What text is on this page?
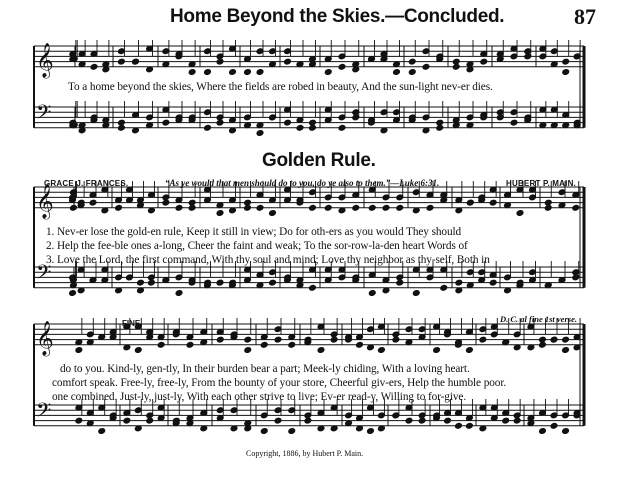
𝄞
𝄢
𝄞
𝄢
𝄞
𝄢
Home Beyond the Skies.—Concluded.	87
To a home beyond the skies, Where the fields are robed in beauty, And the sun-light nev-er dies.
Golden Rule.
GRACE J. FRANCES.	“As ye would that men should do to you, do ye also to them.”—Luke 6:31.	HUBERT P. MAIN.
1. Nev-er lose the gold-en rule, Keep it still in view; Do for oth-ers as you would They should
2. Help the fee-ble ones a-long, Cheer the faint and weak; To the sor-row-la-den heart Words of
3. Love the Lord, the first command, With thy soul and mind; Love thy neighbor as thy-self, Both in
FINE.	D. C. al fine 1st verse.
do to you. Kind-ly, gen-tly, In their burden bear a part; Meek-ly chiding, With a loving heart.
comfort speak. Free-ly, free-ly, From the bounty of your store, Cheerful giv-ers, Help the humble poor.
one combined. Just-ly, just-ly, With each other strive to live; Ev-er read-y, Willing to for-give.
Copyright, 1886, by Hubert P. Main.
